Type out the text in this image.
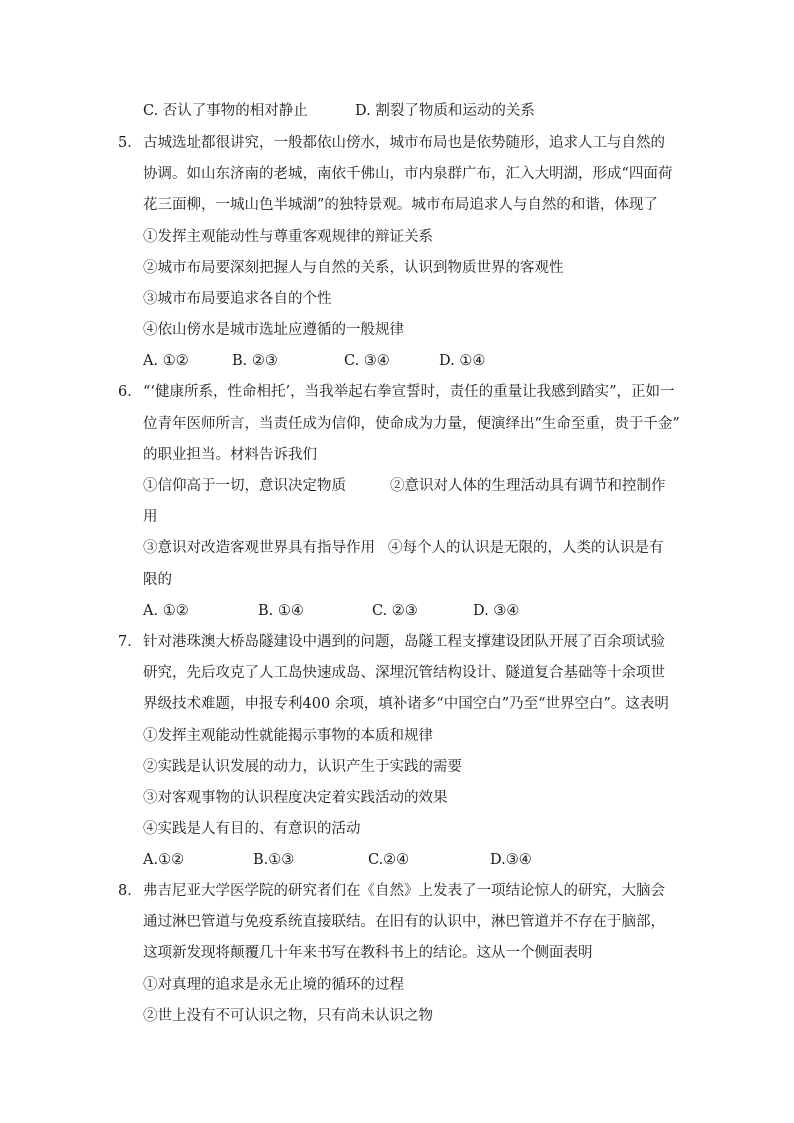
C. 否认了事物的相对静止	D. 割裂了物质和运动的关系
5． 古城选址都很讲究，一般都依山傍水，城市布局也是依势随形，追求人工与自然的
协调。如山东济南的老城，南依千佛山，市内泉群广布，汇入大明湖，形成“四面荷
花三面柳，一城山色半城湖”的独特景观。城市布局追求人与自然的和谐，体现了
①发挥主观能动性与尊重客观规律的辩证关系
②城市布局要深刻把握人与自然的关系，认识到物质世界的客观性
③城市布局要追求各自的个性
④依山傍水是城市选址应遵循的一般规律
A. ①②	B. ②③	C. ③④	D. ①④
6． “‘健康所系，性命相托’，当我举起右拳宣誓时，责任的重量让我感到踏实”，正如一
位青年医师所言，当责任成为信仰，使命成为力量，便演绎出“生命至重，贵于千金”
的职业担当。材料告诉我们
①信仰高于一切，意识决定物质	②意识对人体的生理活动具有调节和控制作
用
③意识对改造客观世界具有指导作用 ④每个人的认识是无限的，人类的认识是有
限的
A. ①②	B. ①④	C. ②③	D. ③④
7． 针对港珠澳大桥岛隧建设中遇到的问题，岛隧工程支撑建设团队开展了百余项试验
研究，先后攻克了人工岛快速成岛、深埋沉管结构设计、隧道复合基础等十余项世
界级技术难题，申报专利400 余项，填补诸多“中国空白”乃至“世界空白”。这表明
①发挥主观能动性就能揭示事物的本质和规律
②实践是认识发展的动力，认识产生于实践的需要
③对客观事物的认识程度决定着实践活动的效果
④实践是人有目的、有意识的活动
A.①②	B.①③	C.②④	D.③④
8． 弗吉尼亚大学医学院的研究者们在《自然》上发表了一项结论惊人的研究，大脑会
通过淋巴管道与免疫系统直接联结。在旧有的认识中，淋巴管道并不存在于脑部，
这项新发现将颠覆几十年来书写在教科书上的结论。这从一个侧面表明
①对真理的追求是永无止境的循环的过程
②世上没有不可认识之物，只有尚未认识之物
